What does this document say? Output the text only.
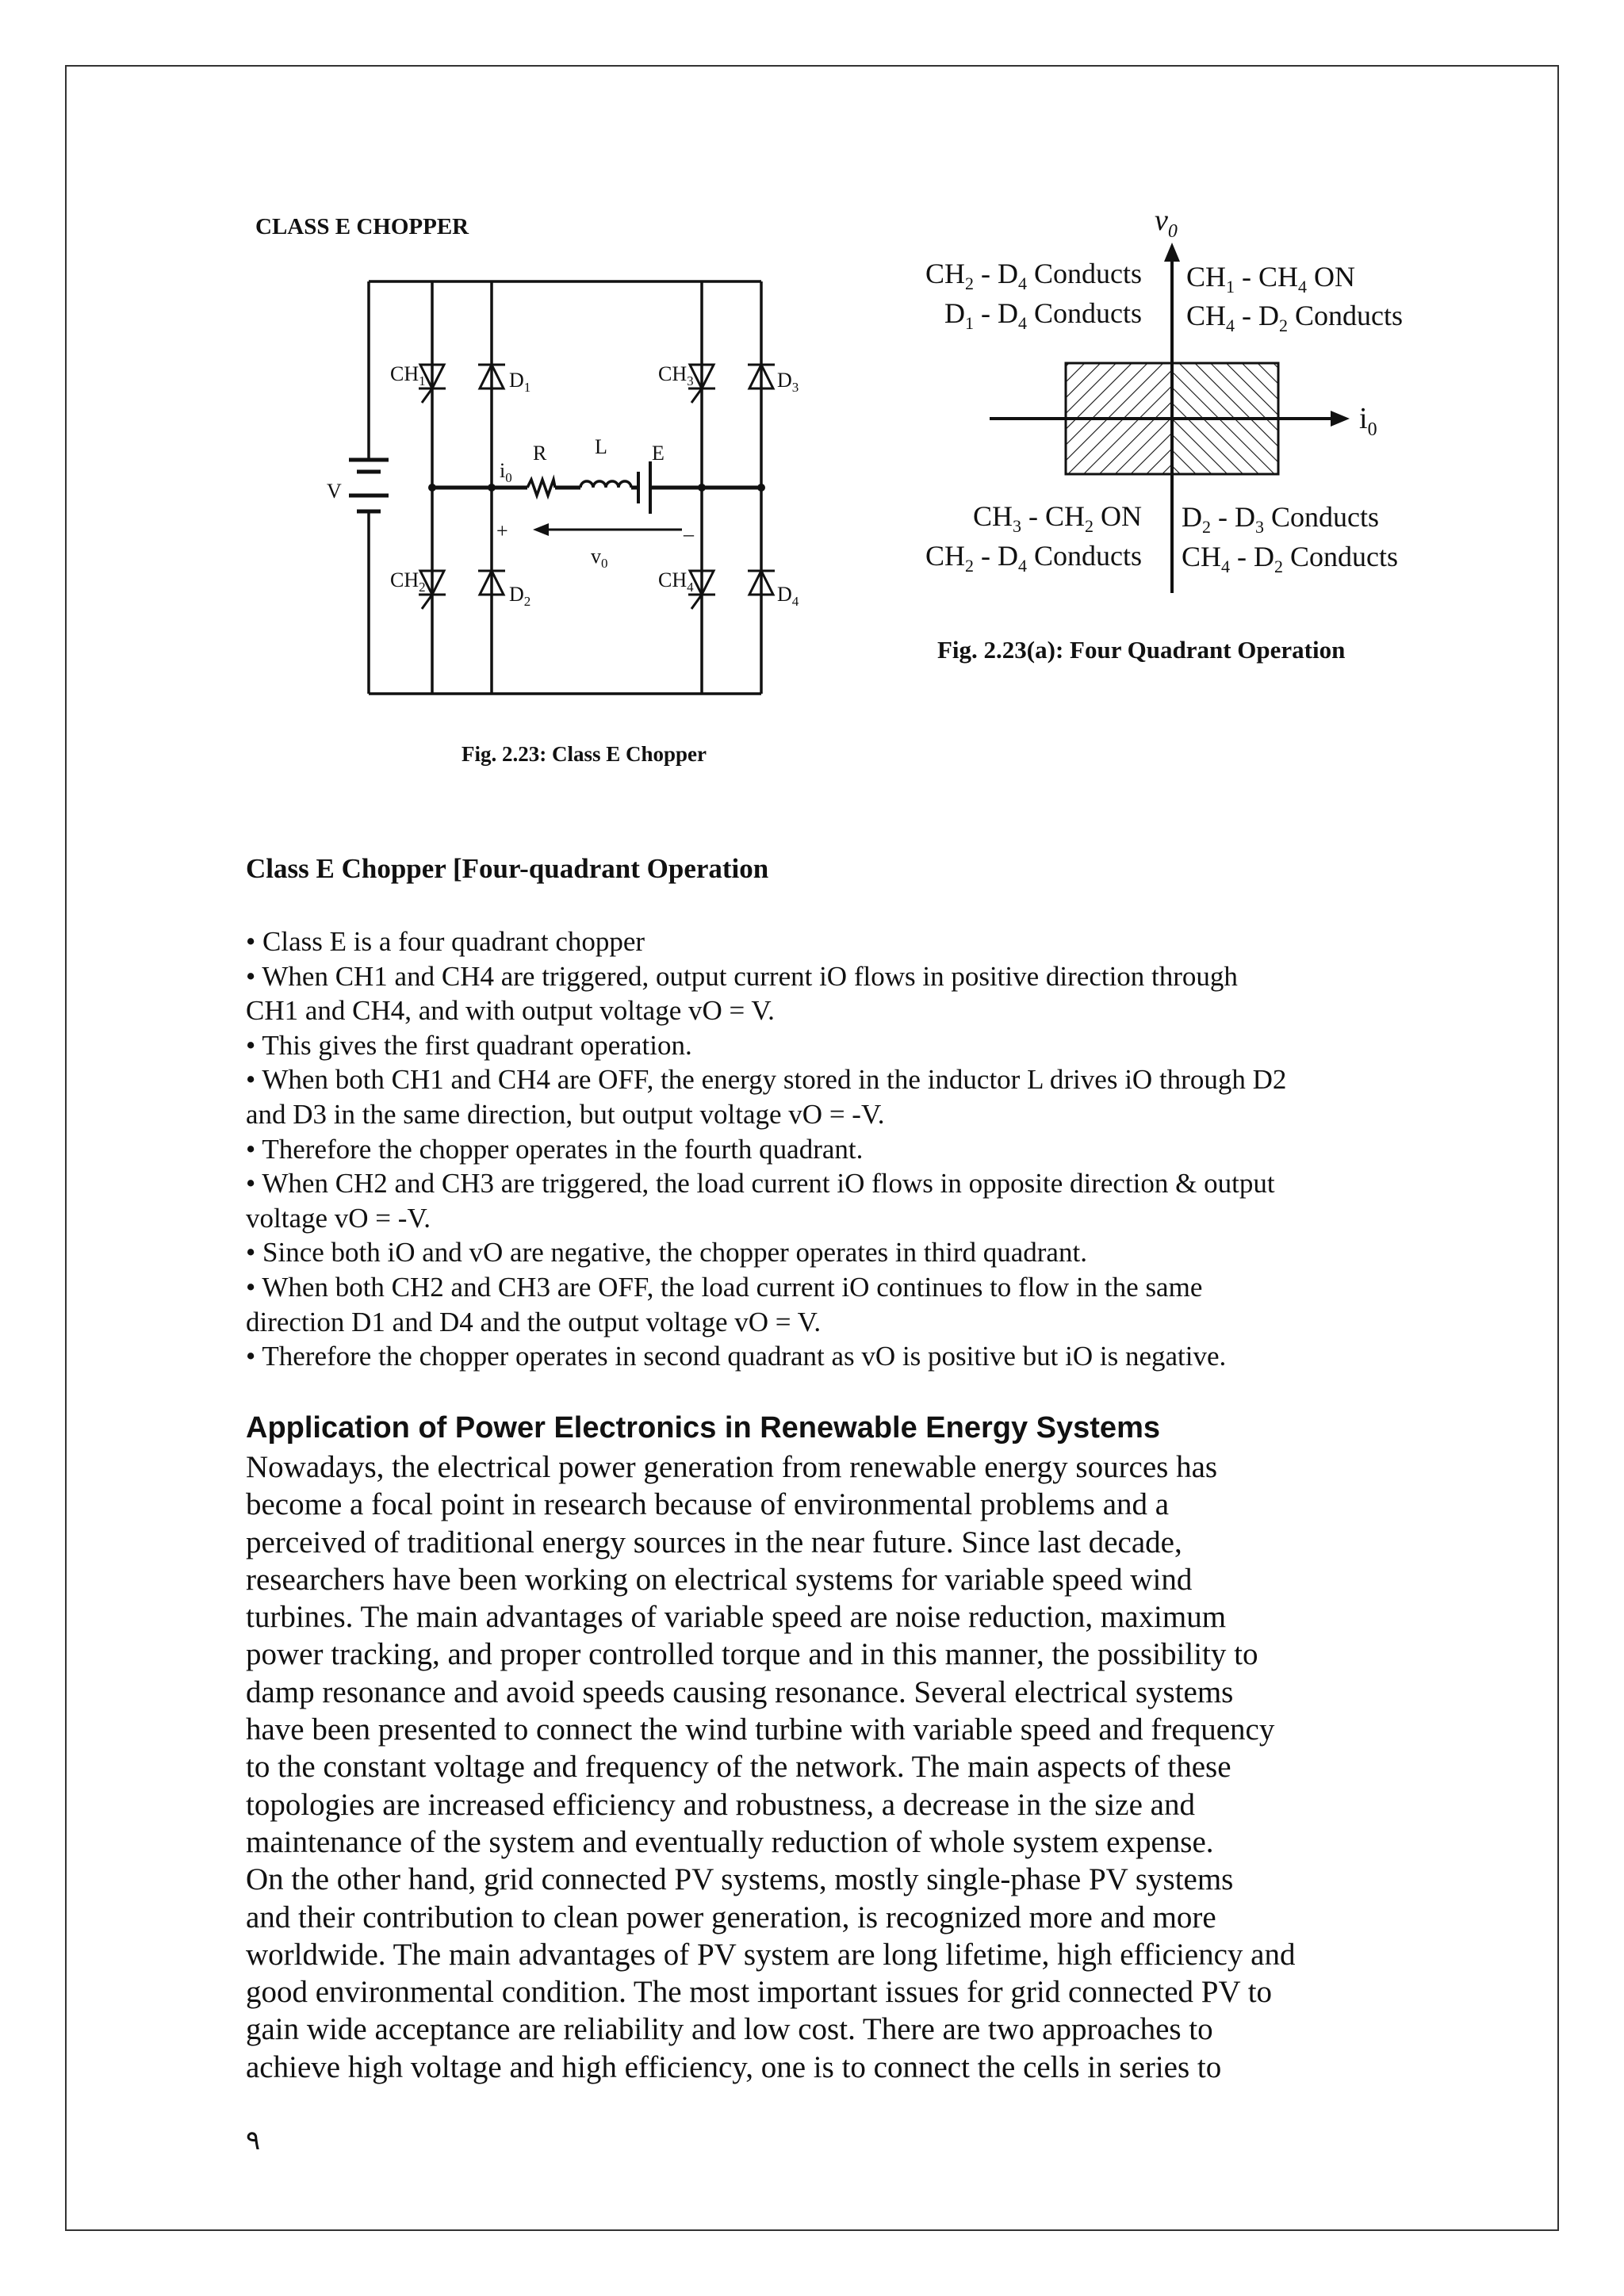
CLASS E CHOPPER
$CH_1$	$D_1$
$CH_3$	$D_3$
$CH_2$	$D_2$
$CH_4$	$D_4$
V
$i_0$
R L E
+	–
$v_0$
Fig. 2.23: Class E Chopper
$v_0$
$i_0$
$CH_2 - D_4$ Conducts
$D_1 - D_4$ Conducts
$CH_1 - CH_4$ ON
$CH_4 - D_2$ Conducts
$CH_3 - CH_2$ ON
$CH_2 - D_4$ Conducts
$D_2 - D_3$ Conducts
$CH_4 - D_2$ Conducts
Fig. 2.23(a): Four Quadrant Operation
Class E Chopper [Four-quadrant Operation
• Class E is a four quadrant chopper
• When CH1 and CH4 are triggered, output current iO flows in positive direction through
CH1 and CH4, and with output voltage vO = V.
• This gives the first quadrant operation.
• When both CH1 and CH4 are OFF, the energy stored in the inductor L drives iO through D2
and D3 in the same direction, but output voltage vO = -V.
• Therefore the chopper operates in the fourth quadrant.
• When CH2 and CH3 are triggered, the load current iO flows in opposite direction & output
voltage vO = -V.
• Since both iO and vO are negative, the chopper operates in third quadrant.
• When both CH2 and CH3 are OFF, the load current iO continues to flow in the same
direction D1 and D4 and the output voltage vO = V.
• Therefore the chopper operates in second quadrant as vO is positive but iO is negative.
Application of Power Electronics in Renewable Energy Systems
Nowadays, the electrical power generation from renewable energy sources has
become a focal point in research because of environmental problems and a
perceived of traditional energy sources in the near future. Since last decade,
researchers have been working on electrical systems for variable speed wind
turbines. The main advantages of variable speed are noise reduction, maximum
power tracking, and proper controlled torque and in this manner, the possibility to
damp resonance and avoid speeds causing resonance. Several electrical systems
have been presented to connect the wind turbine with variable speed and frequency
to the constant voltage and frequency of the network. The main aspects of these
topologies are increased efficiency and robustness, a decrease in the size and
maintenance of the system and eventually reduction of whole system expense.
On the other hand, grid connected PV systems, mostly single-phase PV systems
and their contribution to clean power generation, is recognized more and more
worldwide. The main advantages of PV system are long lifetime, high efficiency and
good environmental condition. The most important issues for grid connected PV to
gain wide acceptance are reliability and low cost. There are two approaches to
achieve high voltage and high efficiency, one is to connect the cells in series to
٩
